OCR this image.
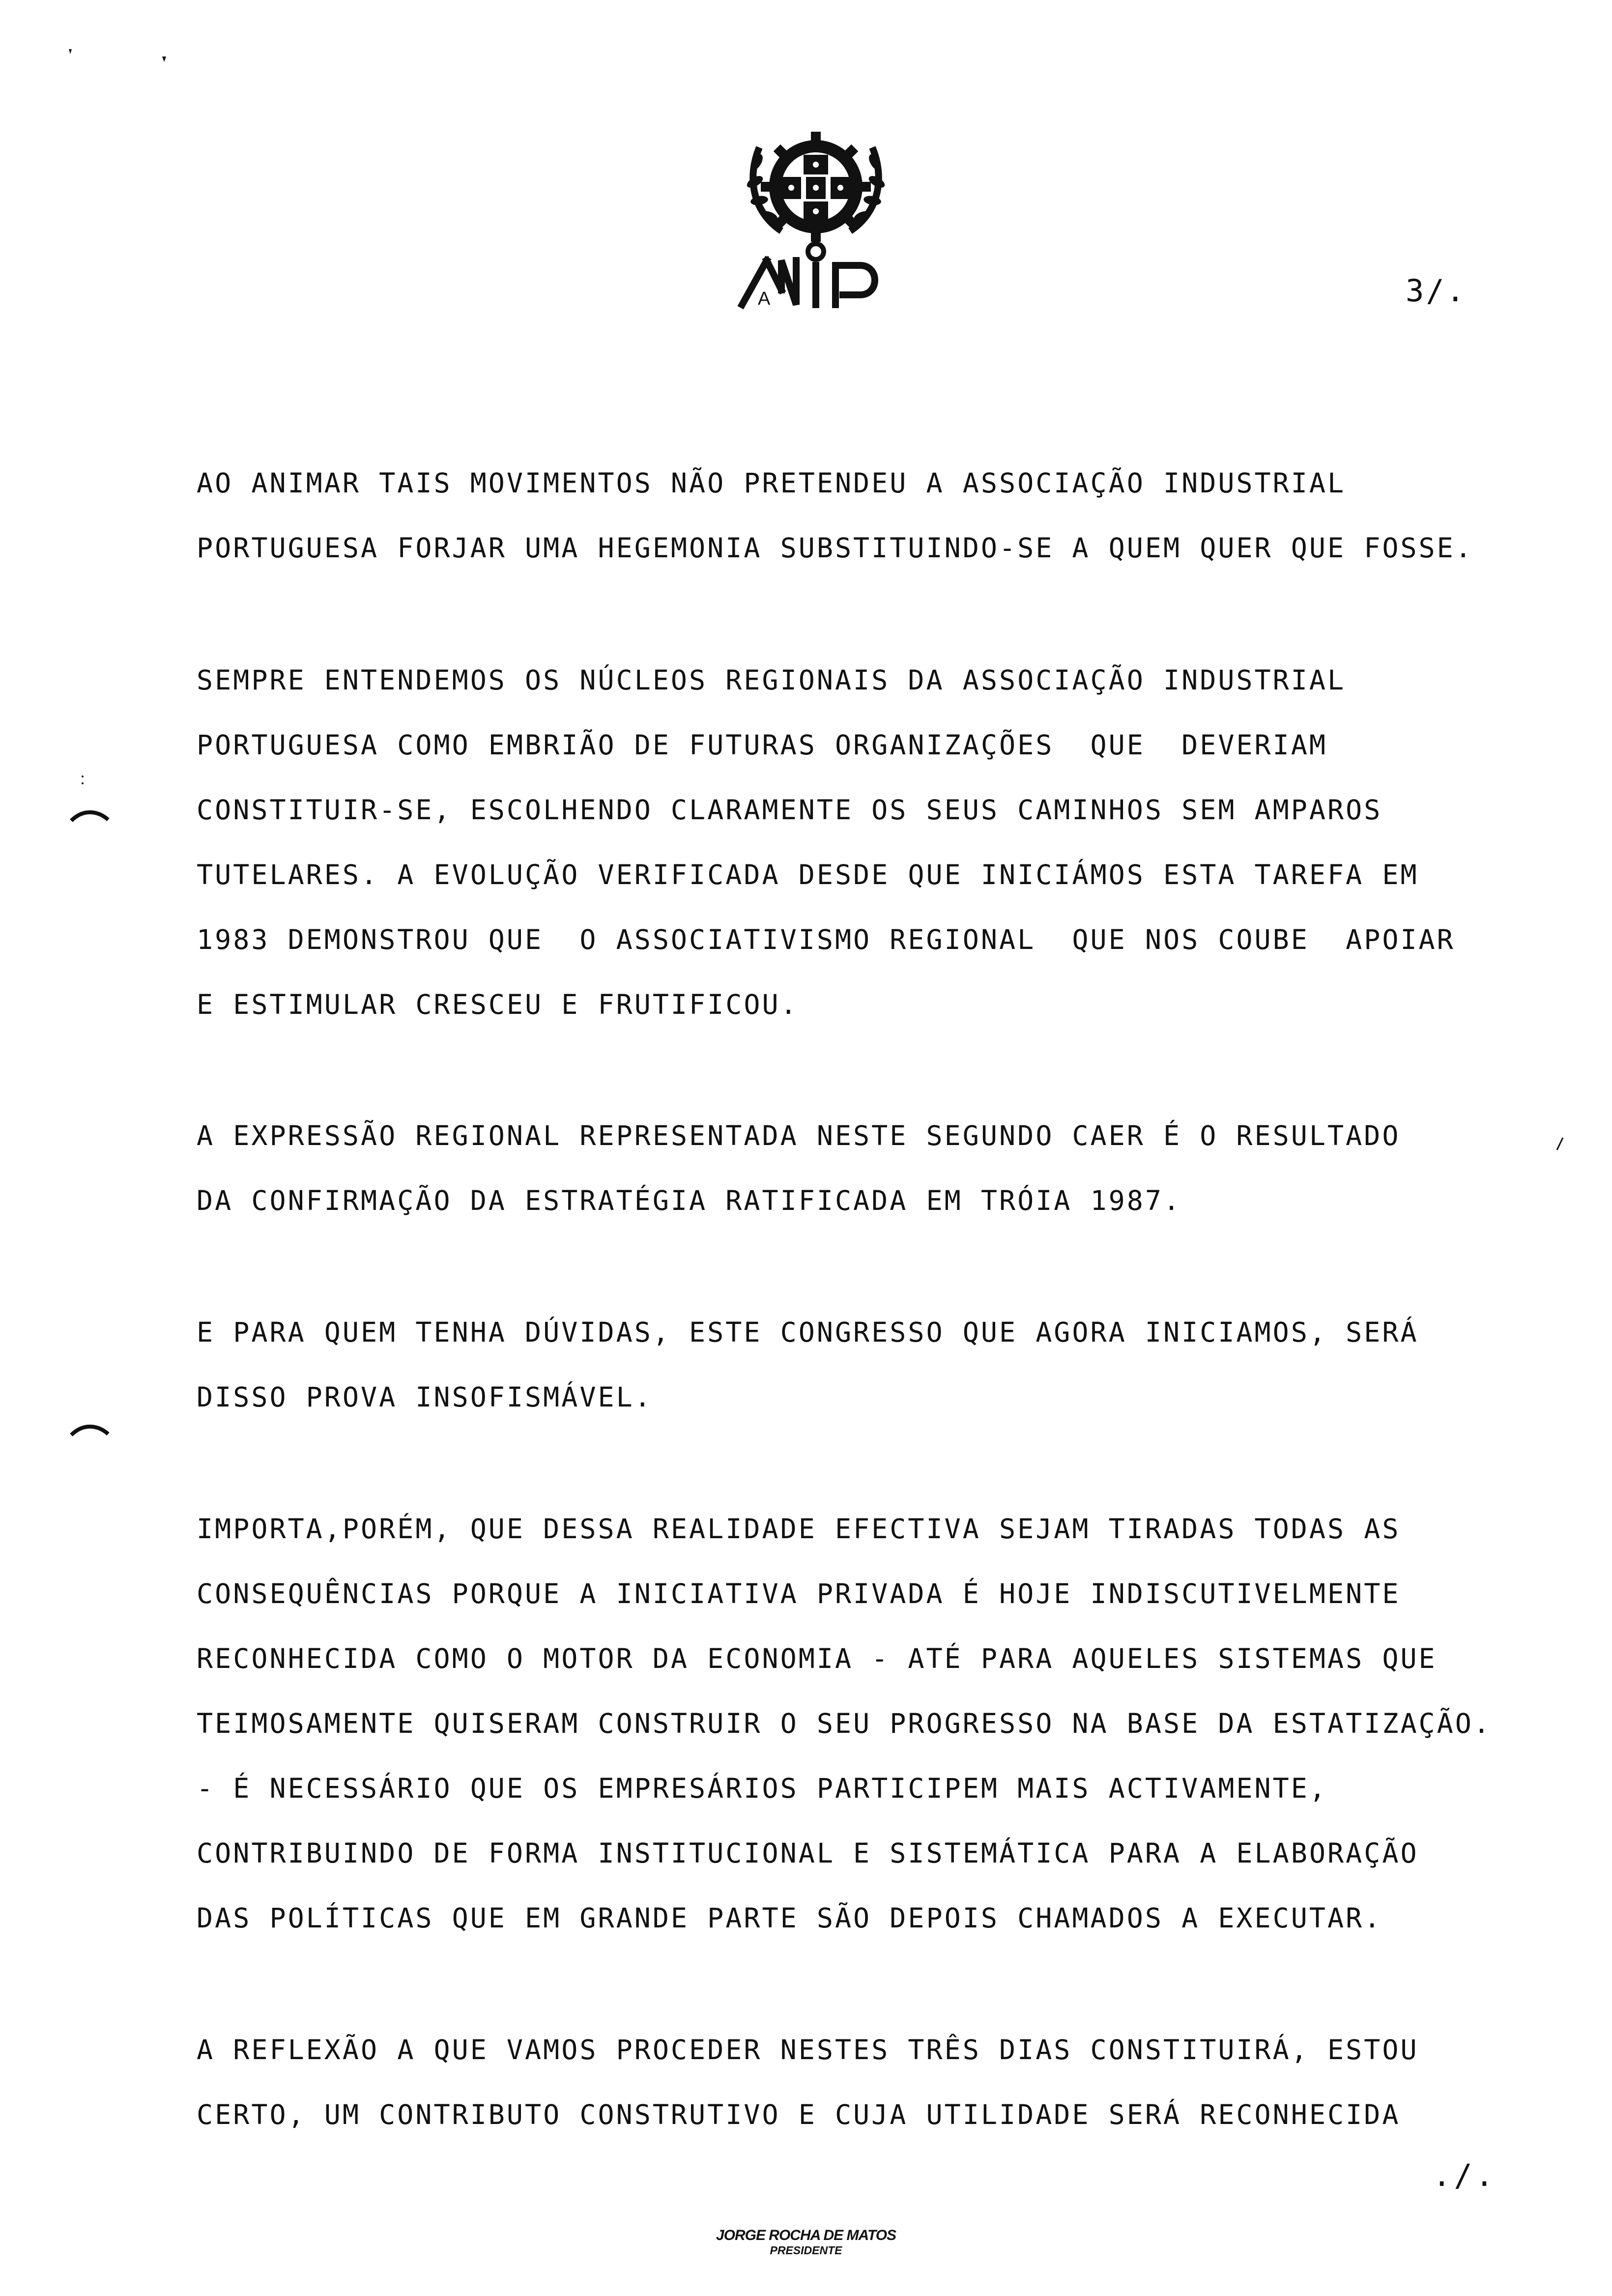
A	3/.
AO ANIMAR TAIS MOVIMENTOS NÃO PRETENDEU A ASSOCIAÇÃO INDUSTRIAL
PORTUGUESA FORJAR UMA HEGEMONIA SUBSTITUINDO-SE A QUEM QUER QUE FOSSE.
SEMPRE ENTENDEMOS OS NÚCLEOS REGIONAIS DA ASSOCIAÇÃO INDUSTRIAL
PORTUGUESA COMO EMBRIÃO DE FUTURAS ORGANIZAÇÕES  QUE  DEVERIAM
CONSTITUIR-SE, ESCOLHENDO CLARAMENTE OS SEUS CAMINHOS SEM AMPAROS
TUTELARES. A EVOLUÇÃO VERIFICADA DESDE QUE INICIÁMOS ESTA TAREFA EM
1983 DEMONSTROU QUE  O ASSOCIATIVISMO REGIONAL  QUE NOS COUBE  APOIAR
E ESTIMULAR CRESCEU E FRUTIFICOU.
A EXPRESSÃO REGIONAL REPRESENTADA NESTE SEGUNDO CAER É O RESULTADO
DA CONFIRMAÇÃO DA ESTRATÉGIA RATIFICADA EM TRÓIA 1987.
E PARA QUEM TENHA DÚVIDAS, ESTE CONGRESSO QUE AGORA INICIAMOS, SERÁ
DISSO PROVA INSOFISMÁVEL.
IMPORTA,PORÉM, QUE DESSA REALIDADE EFECTIVA SEJAM TIRADAS TODAS AS
CONSEQUÊNCIAS PORQUE A INICIATIVA PRIVADA É HOJE INDISCUTIVELMENTE
RECONHECIDA COMO O MOTOR DA ECONOMIA - ATÉ PARA AQUELES SISTEMAS QUE
TEIMOSAMENTE QUISERAM CONSTRUIR O SEU PROGRESSO NA BASE DA ESTATIZAÇÃO.
- É NECESSÁRIO QUE OS EMPRESÁRIOS PARTICIPEM MAIS ACTIVAMENTE,
CONTRIBUINDO DE FORMA INSTITUCIONAL E SISTEMÁTICA PARA A ELABORAÇÃO
DAS POLÍTICAS QUE EM GRANDE PARTE SÃO DEPOIS CHAMADOS A EXECUTAR.
A REFLEXÃO A QUE VAMOS PROCEDER NESTES TRÊS DIAS CONSTITUIRÁ, ESTOU
CERTO, UM CONTRIBUTO CONSTRUTIVO E CUJA UTILIDADE SERÁ RECONHECIDA
./.
JORGE ROCHA DE MATOS
PRESIDENTE
